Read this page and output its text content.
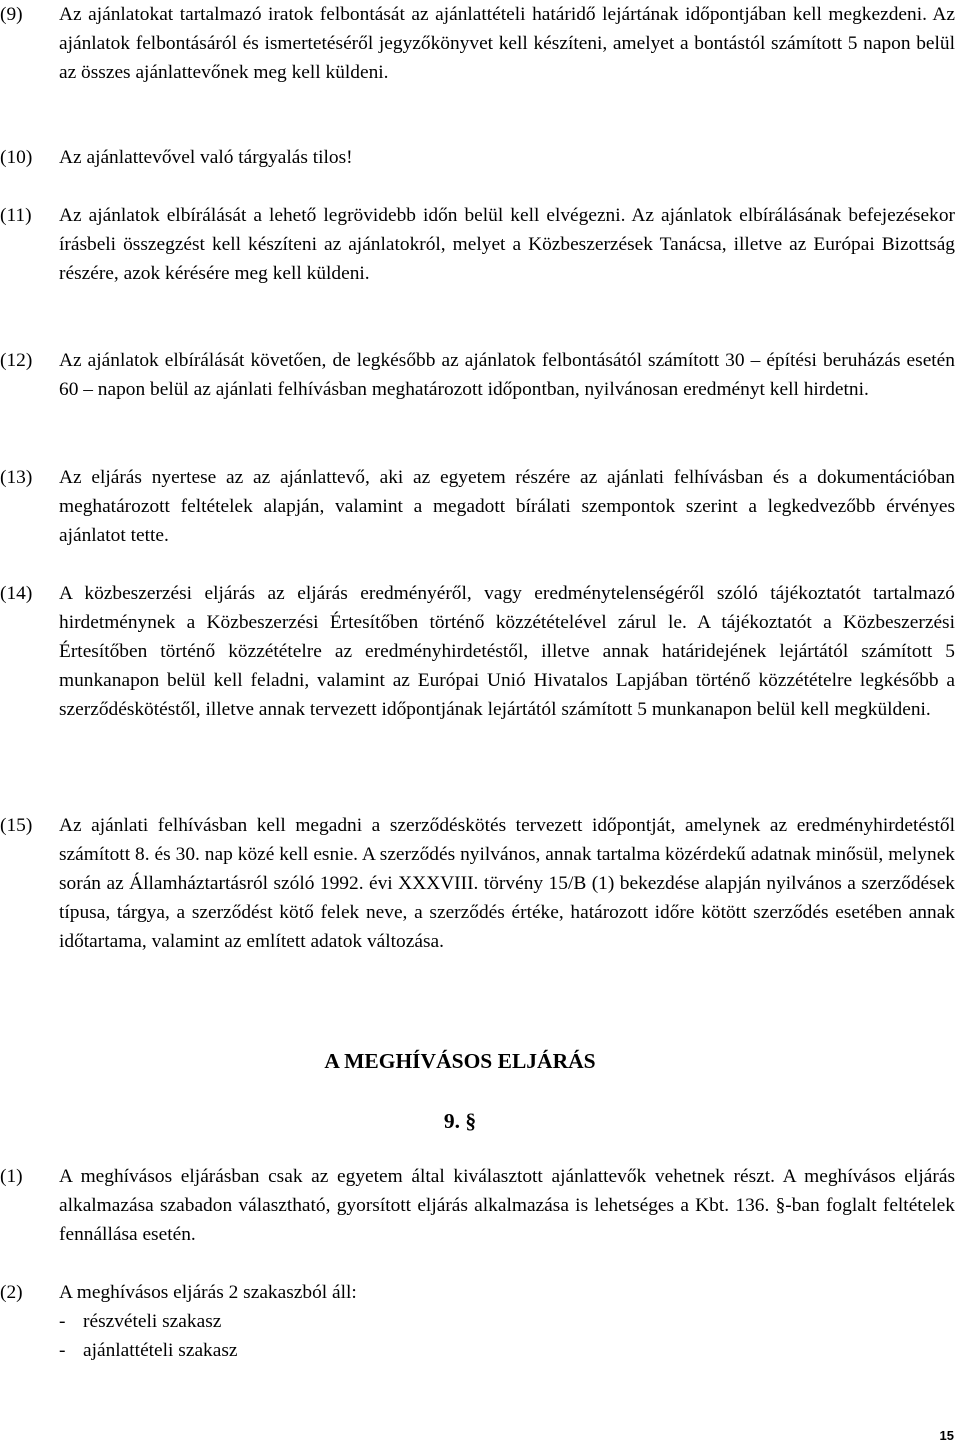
(9) Az ajánlatokat tartalmazó iratok felbontását az ajánlattételi határidő lejártának időpontjában kell megkezdeni. Az ajánlatok felbontásáról és ismertetéséről jegyzőkönyvet kell készíteni, amelyet a bontástól számított 5 napon belül az összes ajánlattevőnek meg kell küldeni.
(10) Az ajánlattevővel való tárgyalás tilos!
(11) Az ajánlatok elbírálását a lehető legrövidebb időn belül kell elvégezni. Az ajánlatok elbírálásának befejezésekor írásbeli összegzést kell készíteni az ajánlatokról, melyet a Közbeszerzések Tanácsa, illetve az Európai Bizottság részére, azok kérésére meg kell küldeni.
(12) Az ajánlatok elbírálását követően, de legkésőbb az ajánlatok felbontásától számított 30 – építési beruházás esetén 60 – napon belül az ajánlati felhívásban meghatározott időpontban, nyilvánosan eredményt kell hirdetni.
(13) Az eljárás nyertese az az ajánlattevő, aki az egyetem részére az ajánlati felhívásban és a dokumentációban meghatározott feltételek alapján, valamint a megadott bírálati szempontok szerint a legkedvezőbb érvényes ajánlatot tette.
(14) A közbeszerzési eljárás az eljárás eredményéről, vagy eredménytelenségéről szóló tájékoztatót tartalmazó hirdetménynek a Közbeszerzési Értesítőben történő közzétételével zárul le. A tájékoztatót a Közbeszerzési Értesítőben történő közzétételre az eredményhirdetéstől, illetve annak határidejének lejártától számított 5 munkanapon belül kell feladni, valamint az Európai Unió Hivatalos Lapjában történő közzétételre legkésőbb a szerződéskötéstől, illetve annak tervezett időpontjának lejártától számított 5 munkanapon belül kell megküldeni.
(15) Az ajánlati felhívásban kell megadni a szerződéskötés tervezett időpontját, amelynek az eredményhirdetéstől számított 8. és 30. nap közé kell esnie. A szerződés nyilvános, annak tartalma közérdekű adatnak minősül, melynek során az Államháztartásról szóló 1992. évi XXXVIII. törvény 15/B (1) bekezdése alapján nyilvános a szerződések típusa, tárgya, a szerződést kötő felek neve, a szerződés értéke, határozott időre kötött szerződés esetében annak időtartama, valamint az említett adatok változása.
A MEGHÍVÁSOS ELJÁRÁS
9. §
(1) A meghívásos eljárásban csak az egyetem által kiválasztott ajánlattevők vehetnek részt. A meghívásos eljárás alkalmazása szabadon választható, gyorsított eljárás alkalmazása is lehetséges a Kbt. 136. §-ban foglalt feltételek fennállása esetén.
(2) A meghívásos eljárás 2 szakaszból áll:
- részvételi szakasz
- ajánlattételi szakasz
15
